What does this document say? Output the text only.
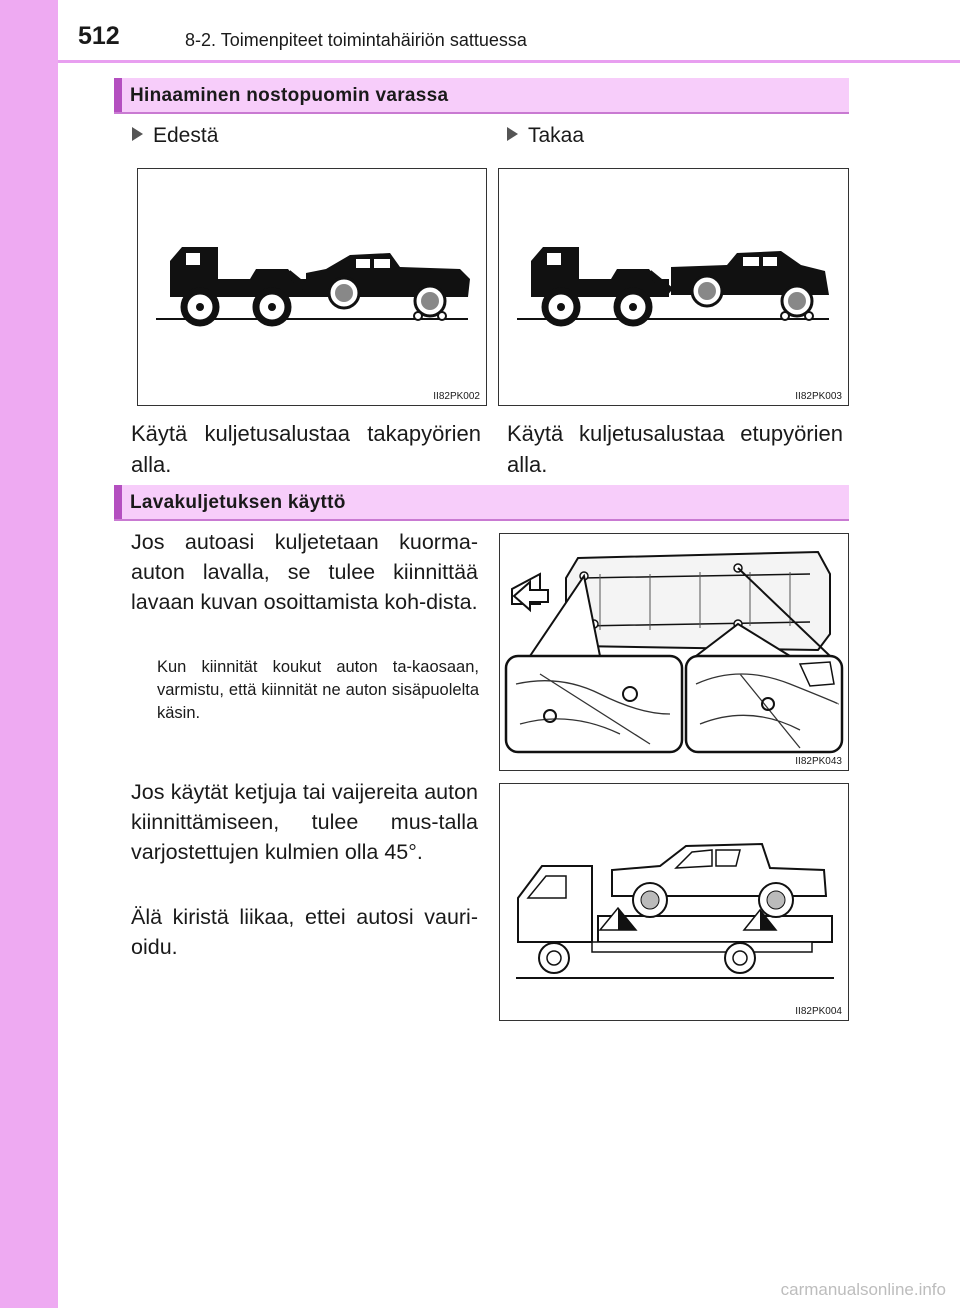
512	8-2. Toimenpiteet toimintahäiriön sattuessa
Hinaaminen nostopuomin varassa
Edestä	Takaa
II82PK002	II82PK003
Käytä kuljetusalustaa takapyörien alla.
Käytä kuljetusalustaa etupyörien alla.
Lavakuljetuksen käyttö
Jos autoasi kuljetetaan kuorma-auton lavalla, se tulee kiinnittää lavaan kuvan osoittamista koh-dista.
Kun kiinnität koukut auton ta-kaosaan, varmistu, että kiinnität ne auton sisäpuolelta käsin.
Jos käytät ketjuja tai vaijereita auton kiinnittämiseen, tulee mus-talla varjostettujen kulmien olla 45°.
Älä kiristä liikaa, ettei autosi vauri-oidu.
II82PK043
II82PK004
carmanualsonline.info
